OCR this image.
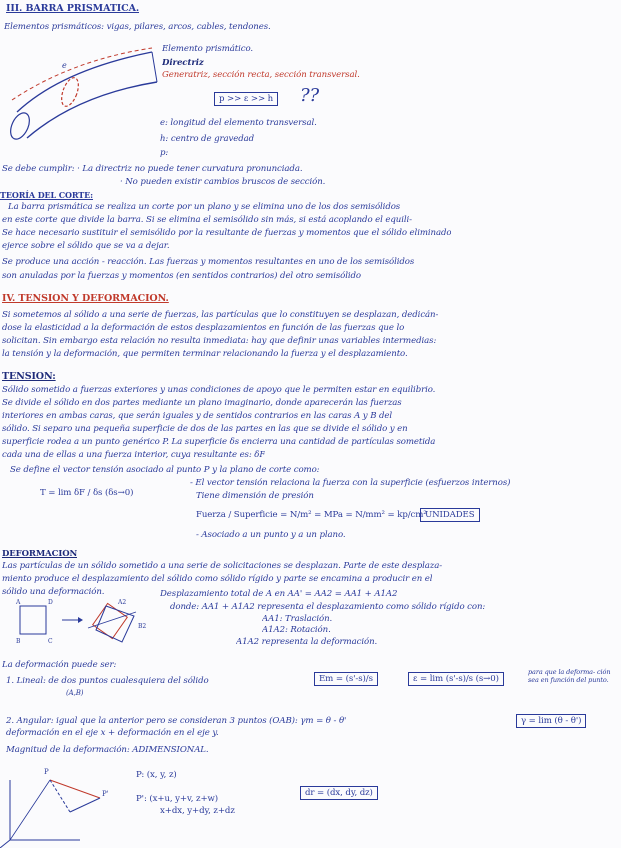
III. BARRA PRISMÁTICA.
Elementos prismáticos: vigas, pilares, arcos, cables, tendones.
e
Elemento prismático.
Directriz
Generatriz, sección recta, sección transversal.
p >> ε >> h ??
e: longitud del elemento transversal.
h: centro de gravedad
p:
Se debe cumplir: · La directriz no puede tener curvatura pronunciada.
· No pueden existir cambios bruscos de sección.
TEORÍA DEL CORTE:
La barra prismática se realiza un corte por un plano y se elimina uno de los dos semisólidos
en este corte que divide la barra. Si se elimina el semisólido sin más, si está acoplando el equili-
Se hace necesario sustituir el semisólido por la resultante de fuerzas y momentos que el sólido eliminado
ejerce sobre el sólido que se va a dejar.
Se produce una acción - reacción. Las fuerzas y momentos resultantes en uno de los semisólidos
son anuladas por la fuerzas y momentos (en sentidos contrarios) del otro semisólido
IV. TENSIÓN Y DEFORMACIÓN.
Si sometemos al sólido a una serie de fuerzas, las partículas que lo constituyen se desplazan, dedicán-
dose la elasticidad a la deformación de estos desplazamientos en función de las fuerzas que lo
solicitan. Sin embargo esta relación no resulta inmediata: hay que definir unas variables intermedias:
la tensión y la deformación, que permiten terminar relacionando la fuerza y el desplazamiento.
TENSIÓN:
Sólido sometido a fuerzas exteriores y unas condiciones de apoyo que le permiten estar en equilibrio.
Se divide el sólido en dos partes mediante un plano imaginario, donde aparecerán las fuerzas
interiores en ambas caras, que serán iguales y de sentidos contrarios en las caras A y B del
sólido. Si separo una pequeña superficie de dos de las partes en las que se divide el sólido y en
superficie rodea a un punto genérico P. La superficie δs encierra una cantidad de partículas sometida
cada una de ellas a una fuerza interior, cuya resultante es: δF
Se define el vector tensión asociado al punto P y la plano de corte como:
T = lim δF / δs (δs→0)
- El vector tensión relaciona la fuerza con la superficie (esfuerzos internos)
Tiene dimensión de presión
Fuerza / Superficie = N/m² = MPa = N/mm² = kp/cm²
UNIDADES
- Asociado a un punto y a un plano.
DEFORMACIÓN
Las partículas de un sólido sometido a una serie de solicitaciones se desplazan. Parte de este desplaza-
miento produce el desplazamiento del sólido como sólido rígido y parte se encamina a producir en el
sólido una deformación.
A	D
B	C
A2
B2
Desplazamiento total de A en AA' = AA2 = AA1 + A1A2
donde: AA1 + A1A2 representa el desplazamiento como sólido rígido con:
AA1: Traslación.
A1A2: Rotación.
A1A2 representa la deformación.
La deformación puede ser:
1. Lineal: de dos puntos cualesquiera del sólido
(A,B)
Em = (s'-s)/s	ε = lim (s'-s)/s (s→0)
para que la deforma- ción sea en función del punto.
2. Angular: igual que la anterior pero se consideran 3 puntos (OAB): γm = θ - θ'
deformación en el eje x + deformación en el eje y.
γ = lim (θ - θ')
Magnitud de la deformación: ADIMENSIONAL.
P
P'
P: (x, y, z)
P': (x+u, y+v, z+w)
x+dx, y+dy, z+dz
dr = (dx, dy, dz)
